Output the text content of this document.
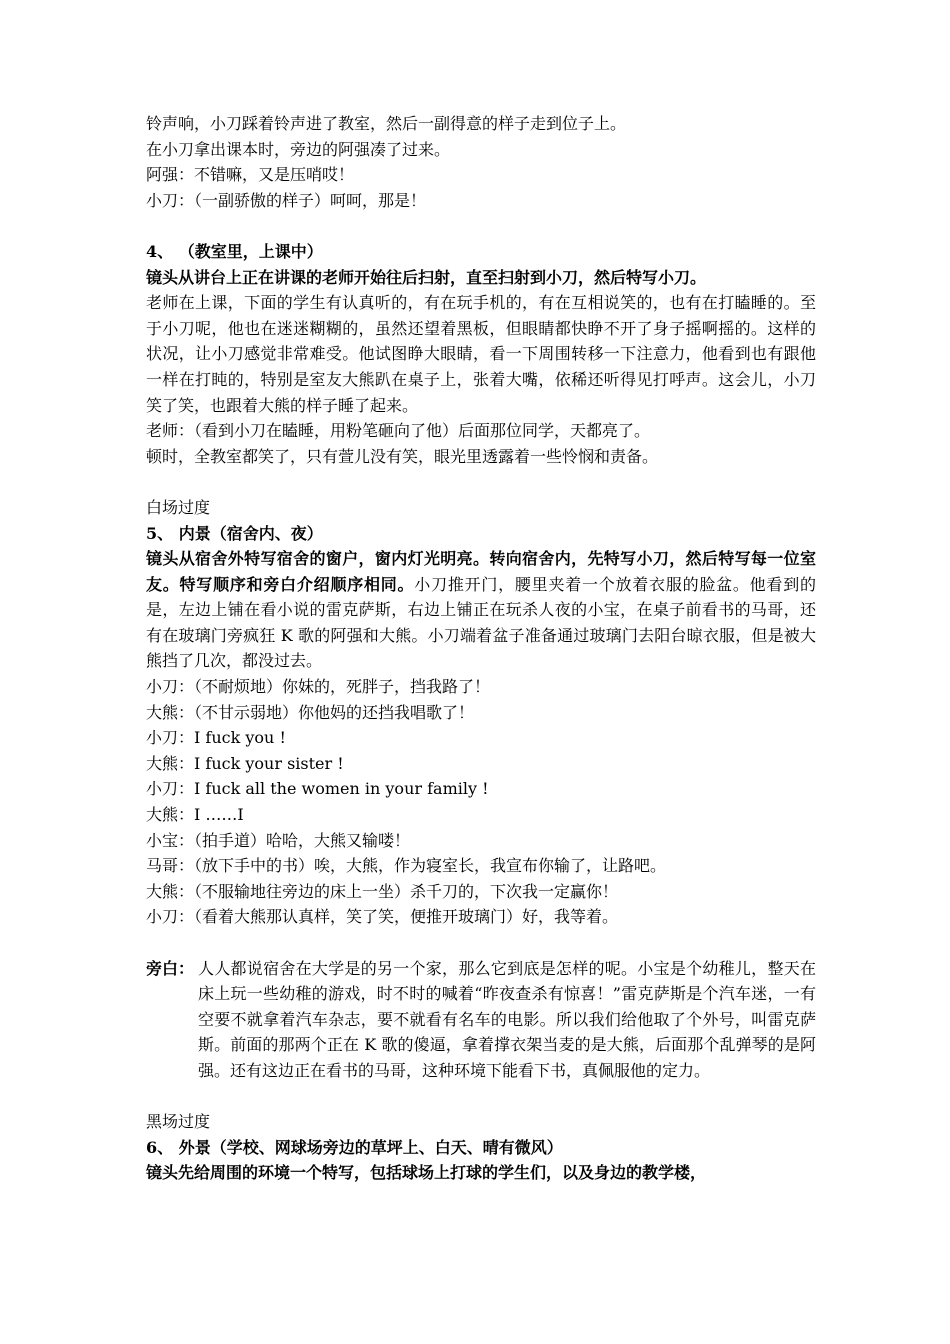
铃声响，小刀踩着铃声进了教室，然后一副得意的样子走到位子上。

在小刀拿出课本时，旁边的阿强凑了过来。

阿强：不错嘛，又是压哨哎！

小刀：（一副骄傲的样子）呵呵，那是！

4、 （教室里，上课中）

镜头从讲台上正在讲课的老师开始往后扫射，直至扫射到小刀，然后特写小刀。

老师在上课，下面的学生有认真听的，有在玩手机的，有在互相说笑的，也有在打瞌睡的。至于小刀呢，他也在迷迷糊糊的，虽然还望着黑板，但眼睛都快睁不开了身子摇啊摇的。这样的状况，让小刀感觉非常难受。他试图睁大眼睛，看一下周围转移一下注意力，他看到也有跟他一样在打盹的，特别是室友大熊趴在桌子上，张着大嘴，依稀还听得见打呼声。这会儿，小刀笑了笑，也跟着大熊的样子睡了起来。

老师：（看到小刀在瞌睡，用粉笔砸向了他）后面那位同学，天都亮了。

顿时，全教室都笑了，只有萱儿没有笑，眼光里透露着一些怜悯和责备。

白场过度

5、 内景（宿舍内、夜）

镜头从宿舍外特写宿舍的窗户，窗内灯光明亮。转向宿舍内，先特写小刀，然后特写每一位室友。特写顺序和旁白介绍顺序相同。小刀推开门，腰里夹着一个放着衣服的脸盆。他看到的是，左边上铺在看小说的雷克萨斯，右边上铺正在玩杀人夜的小宝，在桌子前看书的马哥，还有在玻璃门旁疯狂 K 歌的阿强和大熊。小刀端着盆子准备通过玻璃门去阳台晾衣服，但是被大熊挡了几次，都没过去。

小刀：（不耐烦地）你妹的，死胖子，挡我路了！

大熊：（不甘示弱地）你他妈的还挡我唱歌了！

小刀：I fuck you !

大熊：I fuck your sister !

小刀：I fuck all the women in your family !

大熊：I ……I

小宝：（拍手道）哈哈，大熊又输喽！

马哥：（放下手中的书）唉，大熊，作为寝室长，我宣布你输了，让路吧。

大熊：（不服输地往旁边的床上一坐）杀千刀的，下次我一定赢你！

小刀：（看着大熊那认真样，笑了笑，便推开玻璃门）好，我等着。

旁白： 人人都说宿舍在大学是的另一个家，那么它到底是怎样的呢。小宝是个幼稚儿，整天在床上玩一些幼稚的游戏，时不时的喊着“昨夜查杀有惊喜！”雷克萨斯是个汽车迷，一有空要不就拿着汽车杂志，要不就看有名车的电影。所以我们给他取了个外号，叫雷克萨斯。前面的那两个正在 K 歌的傻逼，拿着撑衣架当麦的是大熊，后面那个乱弹琴的是阿强。还有这边正在看书的马哥，这种环境下能看下书，真佩服他的定力。

黑场过度

6、 外景（学校、网球场旁边的草坪上、白天、晴有微风）

镜头先给周围的环境一个特写，包括球场上打球的学生们，以及身边的教学楼，
